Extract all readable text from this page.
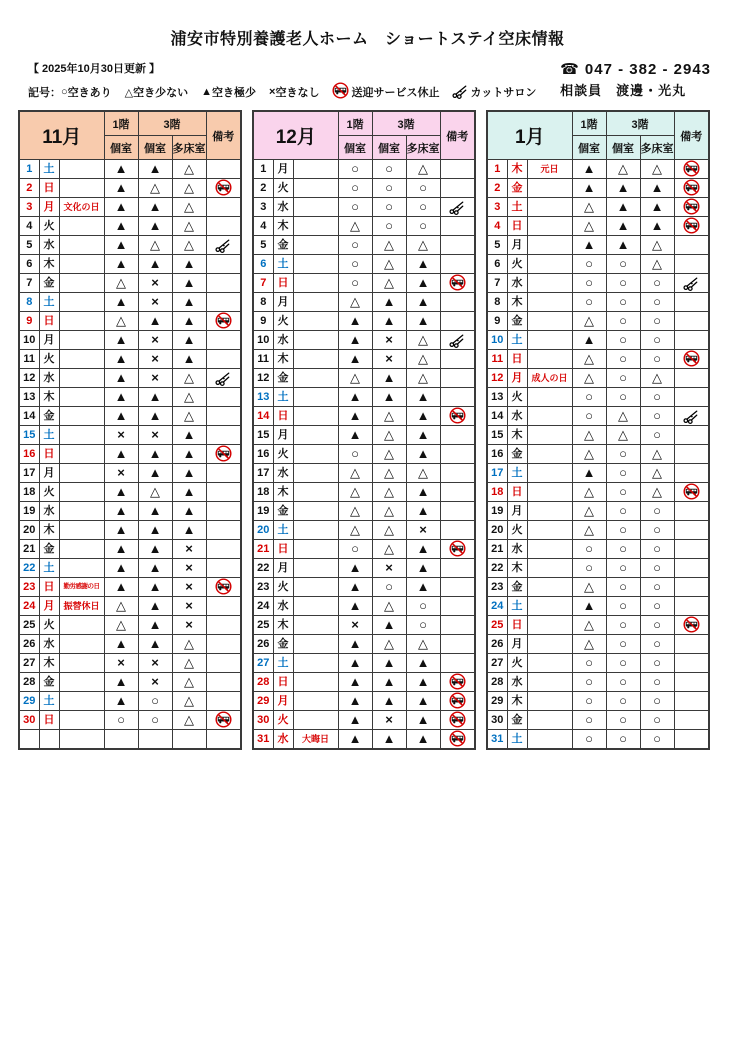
浦安市特別養護老人ホーム　ショートステイ空床情報
【 2025年10月30日更新 】
記号： ○ 空きあり △ 空き少ない ▲ 空き極少 × 空きなし	送迎サービス休止	カットサロン
☎ 047 - 382 - 2943
相談員　渡邊・光丸
11月			1階	3階		備考
			個室	個室	多床室	
1	土		▲	▲	△	
2	日		▲	△	△	
3	月	文化の日	▲	▲	△	
4	火		▲	▲	△	
5	水		▲	△	△	
6	木		▲	▲	▲	
7	金		△	×	▲	
8	土		▲	×	▲	
9	日		△	▲	▲	
10	月		▲	×	▲	
11	火		▲	×	▲	
12	水		▲	×	△	
13	木		▲	▲	△	
14	金		▲	▲	△	
15	土		×	×	▲	
16	日		▲	▲	▲	
17	月		×	▲	▲	
18	火		▲	△	▲	
19	水		▲	▲	▲	
20	木		▲	▲	▲	
21	金		▲	▲	×	
22	土		▲	▲	×	
23	日	勤労感謝の日	▲	▲	×	
24	月	振替休日	△	▲	×	
25	火		△	▲	×	
26	水		▲	▲	△	
27	木		×	×	△	
28	金		▲	×	△	
29	土		▲	○	△	
30	日		○	○	△	

12月			1階	3階		備考
			個室	個室	多床室	
1	月		○	○	△	
2	火		○	○	○	
3	水		○	○	○	
4	木		△	○	○	
5	金		○	△	△	
6	土		○	△	▲	
7	日		○	△	▲	
8	月		△	▲	▲	
9	火		▲	▲	▲	
10	水		▲	×	△	
11	木		▲	×	△	
12	金		△	▲	△	
13	土		▲	▲	▲	
14	日		▲	△	▲	
15	月		▲	△	▲	
16	火		○	△	▲	
17	水		△	△	△	
18	木		△	△	▲	
19	金		△	△	▲	
20	土		△	△	×	
21	日		○	△	▲	
22	月		▲	×	▲	
23	火		▲	○	▲	
24	水		▲	△	○	
25	木		×	▲	○	
26	金		▲	△	△	
27	土		▲	▲	▲	
28	日		▲	▲	▲	
29	月		▲	▲	▲	
30	火		▲	×	▲	
31	水	大晦日	▲	▲	▲	
1月			1階	3階		備考
			個室	個室	多床室	
1	木	元日	▲	△	△	
2	金		▲	▲	▲	
3	土		△	▲	▲	
4	日		△	▲	▲	
5	月		▲	▲	△	
6	火		○	○	△	
7	水		○	○	○	
8	木		○	○	○	
9	金		△	○	○	
10	土		▲	○	○	
11	日		△	○	○	
12	月	成人の日	△	○	△	
13	火		○	○	○	
14	水		○	△	○	
15	木		△	△	○	
16	金		△	○	△	
17	土		▲	○	△	
18	日		△	○	△	
19	月		△	○	○	
20	火		△	○	○	
21	水		○	○	○	
22	木		○	○	○	
23	金		△	○	○	
24	土		▲	○	○	
25	日		△	○	○	
26	月		△	○	○	
27	火		○	○	○	
28	水		○	○	○	
29	木		○	○	○	
30	金		○	○	○	
31	土		○	○	○	
